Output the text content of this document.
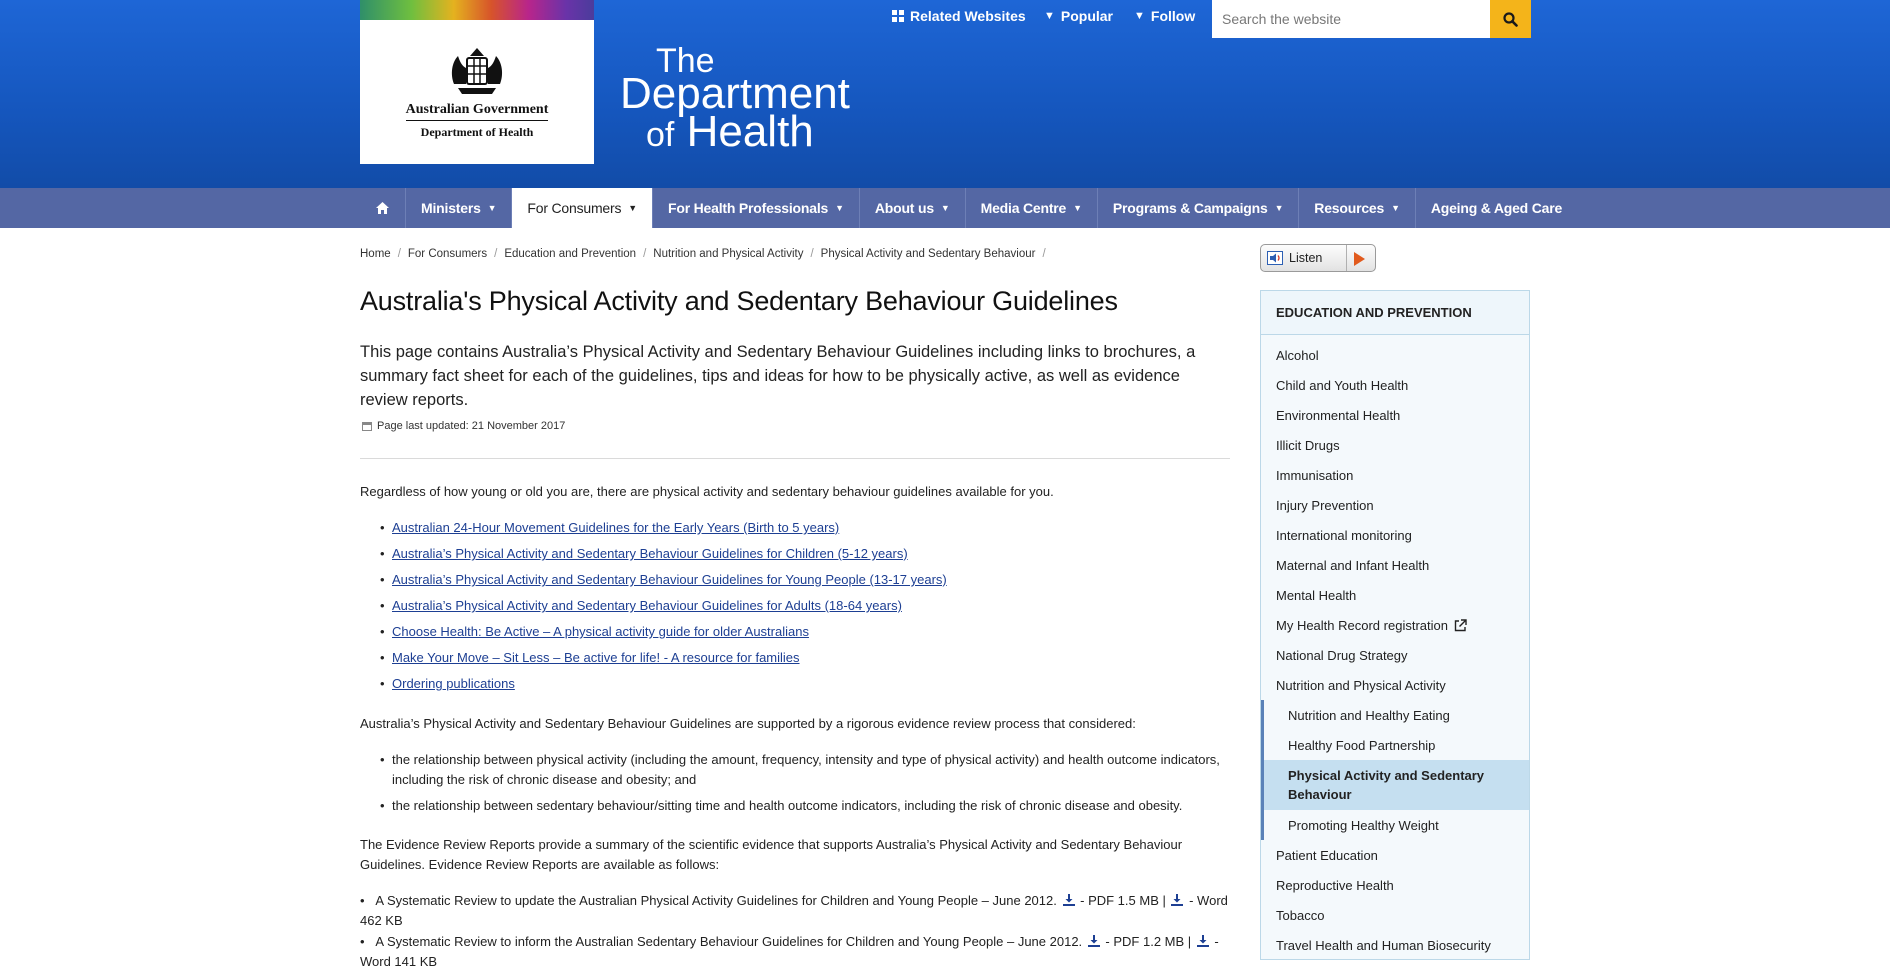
Australian Government
Department of Health
The
Department
of Health
Related Websites ▼ Popular ▼ Follow
Search the website
Ministers ▼ For Consumers ▼ For Health Professionals ▼ About us ▼ Media Centre ▼ Programs & Campaigns ▼ Resources ▼ Ageing & Aged Care
Home / For Consumers / Education and Prevention / Nutrition and Physical Activity / Physical Activity and Sedentary Behaviour /
Australia's Physical Activity and Sedentary Behaviour Guidelines

This page contains Australia’s Physical Activity and Sedentary Behaviour Guidelines including links to brochures, a summary fact sheet for each of the guidelines, tips and ideas for how to be physically active, as well as evidence review reports.

Page last updated: 21 November 2017

Regardless of how young or old you are, there are physical activity and sedentary behaviour guidelines available for you.

• Australian 24-Hour Movement Guidelines for the Early Years (Birth to 5 years)
• Australia’s Physical Activity and Sedentary Behaviour Guidelines for Children (5-12 years)
• Australia’s Physical Activity and Sedentary Behaviour Guidelines for Young People (13-17 years)
• Australia’s Physical Activity and Sedentary Behaviour Guidelines for Adults (18-64 years)
• Choose Health: Be Active – A physical activity guide for older Australians
• Make Your Move – Sit Less – Be active for life! - A resource for families
• Ordering publications

Australia’s Physical Activity and Sedentary Behaviour Guidelines are supported by a rigorous evidence review process that considered:

• the relationship between physical activity (including the amount, frequency, intensity and type of physical activity) and health outcome indicators, including the risk of chronic disease and obesity; and
• the relationship between sedentary behaviour/sitting time and health outcome indicators, including the risk of chronic disease and obesity.

The Evidence Review Reports provide a summary of the scientific evidence that supports Australia’s Physical Activity and Sedentary Behaviour Guidelines. Evidence Review Reports are available as follows:

•   A Systematic Review to update the Australian Physical Activity Guidelines for Children and Young People – June 2012. - PDF 1.5 MB | - Word 462 KB
•   A Systematic Review to inform the Australian Sedentary Behaviour Guidelines for Children and Young People – June 2012. - PDF 1.2 MB | - Word 141 KB
Listen
EDUCATION AND PREVENTION
Alcohol
Child and Youth Health
Environmental Health
Illicit Drugs
Immunisation
Injury Prevention
International monitoring
Maternal and Infant Health
Mental Health
My Health Record registration
National Drug Strategy
Nutrition and Physical Activity
Nutrition and Healthy Eating
Healthy Food Partnership
Physical Activity and Sedentary Behaviour
Promoting Healthy Weight
Patient Education
Reproductive Health
Tobacco
Travel Health and Human Biosecurity
